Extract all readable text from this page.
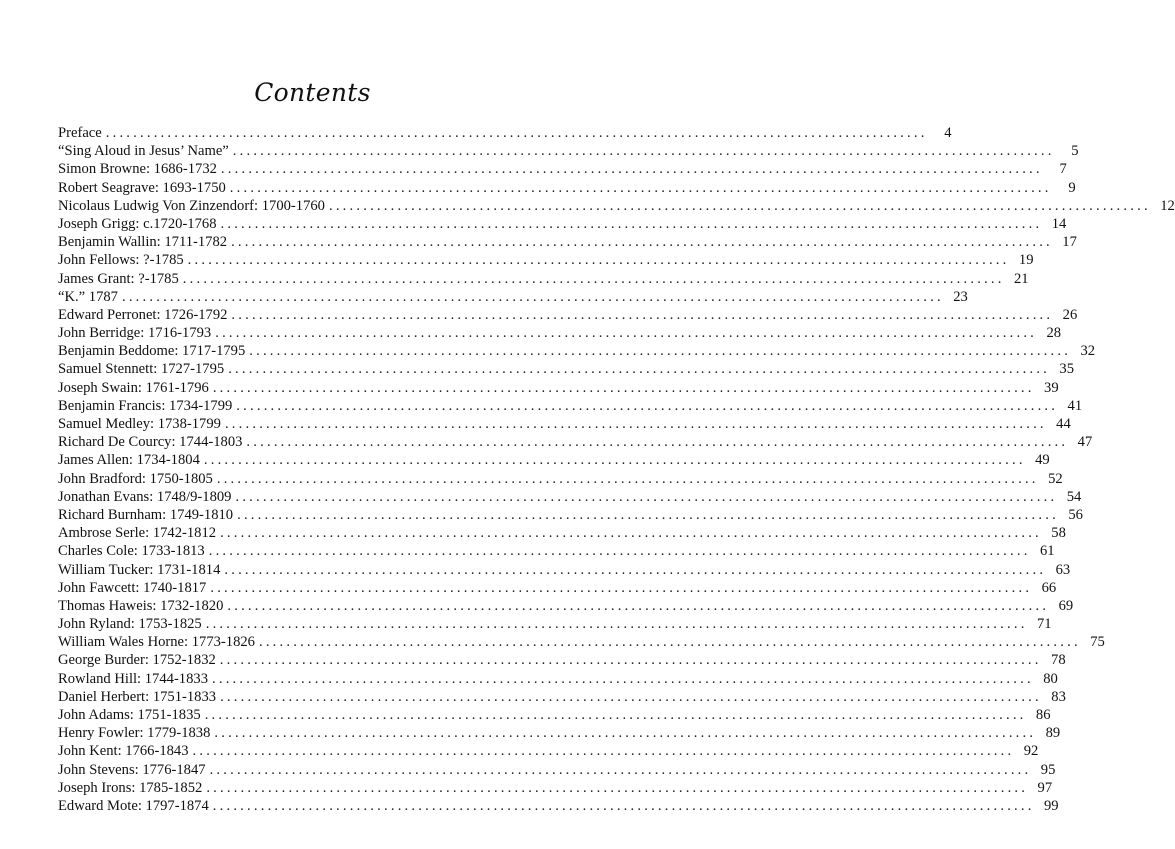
Contents
Preface ........................................................................................................................	4
“Sing Aloud in Jesus’ Name” ........................................................................................................................	5
Simon Browne: 1686-1732 ........................................................................................................................	7
Robert Seagrave: 1693-1750 ........................................................................................................................	9
Nicolaus Ludwig Von Zinzendorf: 1700-1760 ........................................................................................................................ 12
Joseph Grigg: c.1720-1768 ........................................................................................................................ 14
Benjamin Wallin: 1711-1782 ........................................................................................................................ 17
John Fellows: ?-1785 ........................................................................................................................ 19
James Grant: ?-1785 ........................................................................................................................ 21
“K.” 1787 ........................................................................................................................ 23
Edward Perronet: 1726-1792 ........................................................................................................................ 26
John Berridge: 1716-1793 ........................................................................................................................ 28
Benjamin Beddome: 1717-1795 ........................................................................................................................ 32
Samuel Stennett: 1727-1795 ........................................................................................................................ 35
Joseph Swain: 1761-1796 ........................................................................................................................ 39
Benjamin Francis: 1734-1799 ........................................................................................................................ 41
Samuel Medley: 1738-1799 ........................................................................................................................ 44
Richard De Courcy: 1744-1803 ........................................................................................................................ 47
James Allen: 1734-1804 ........................................................................................................................ 49
John Bradford: 1750-1805 ........................................................................................................................ 52
Jonathan Evans: 1748/9-1809 ........................................................................................................................ 54
Richard Burnham: 1749-1810 ........................................................................................................................ 56
Ambrose Serle: 1742-1812 ........................................................................................................................ 58
Charles Cole: 1733-1813 ........................................................................................................................ 61
William Tucker: 1731-1814 ........................................................................................................................ 63
John Fawcett: 1740-1817 ........................................................................................................................ 66
Thomas Haweis: 1732-1820 ........................................................................................................................ 69
John Ryland: 1753-1825 ........................................................................................................................ 71
William Wales Horne: 1773-1826 ........................................................................................................................ 75
George Burder: 1752-1832 ........................................................................................................................ 78
Rowland Hill: 1744-1833 ........................................................................................................................ 80
Daniel Herbert: 1751-1833 ........................................................................................................................ 83
John Adams: 1751-1835 ........................................................................................................................ 86
Henry Fowler: 1779-1838 ........................................................................................................................ 89
John Kent: 1766-1843 ........................................................................................................................ 92
John Stevens: 1776-1847 ........................................................................................................................ 95
Joseph Irons: 1785-1852 ........................................................................................................................ 97
Edward Mote: 1797-1874 ........................................................................................................................ 99
